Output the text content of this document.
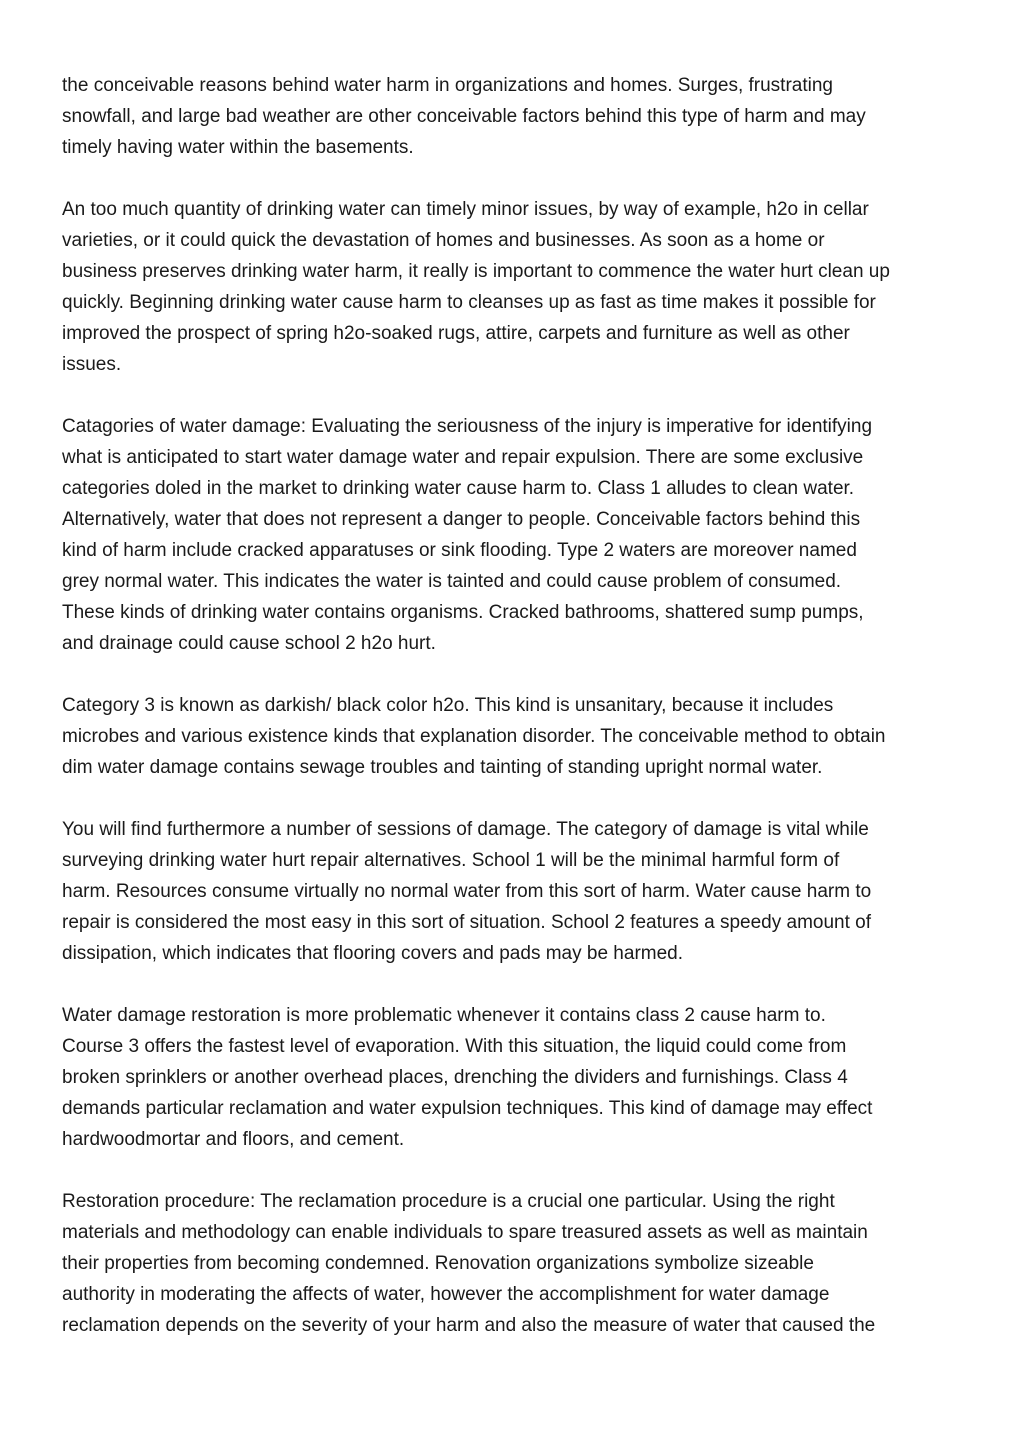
the conceivable reasons behind water harm in organizations and homes. Surges, frustrating
snowfall, and large bad weather are other conceivable factors behind this type of harm and may
timely having water within the basements.

An too much quantity of drinking water can timely minor issues, by way of example, h2o in cellar
varieties, or it could quick the devastation of homes and businesses. As soon as a home or
business preserves drinking water harm, it really is important to commence the water hurt clean up
quickly. Beginning drinking water cause harm to cleanses up as fast as time makes it possible for
improved the prospect of spring h2o-soaked rugs, attire, carpets and furniture as well as other
issues.

Catagories of water damage: Evaluating the seriousness of the injury is imperative for identifying
what is anticipated to start water damage water and repair expulsion. There are some exclusive
categories doled in the market to drinking water cause harm to. Class 1 alludes to clean water.
Alternatively, water that does not represent a danger to people. Conceivable factors behind this
kind of harm include cracked apparatuses or sink flooding. Type 2 waters are moreover named
grey normal water. This indicates the water is tainted and could cause problem of consumed.
These kinds of drinking water contains organisms. Cracked bathrooms, shattered sump pumps,
and drainage could cause school 2 h2o hurt.

Category 3 is known as darkish/ black color h2o. This kind is unsanitary, because it includes
microbes and various existence kinds that explanation disorder. The conceivable method to obtain
dim water damage contains sewage troubles and tainting of standing upright normal water.

You will find furthermore a number of sessions of damage. The category of damage is vital while
surveying drinking water hurt repair alternatives. School 1 will be the minimal harmful form of
harm. Resources consume virtually no normal water from this sort of harm. Water cause harm to
repair is considered the most easy in this sort of situation. School 2 features a speedy amount of
dissipation, which indicates that flooring covers and pads may be harmed.

Water damage restoration is more problematic whenever it contains class 2 cause harm to.
Course 3 offers the fastest level of evaporation. With this situation, the liquid could come from
broken sprinklers or another overhead places, drenching the dividers and furnishings. Class 4
demands particular reclamation and water expulsion techniques. This kind of damage may effect
hardwoodmortar and floors, and cement.

Restoration procedure: The reclamation procedure is a crucial one particular. Using the right
materials and methodology can enable individuals to spare treasured assets as well as maintain
their properties from becoming condemned. Renovation organizations symbolize sizeable
authority in moderating the affects of water, however the accomplishment for water damage
reclamation depends on the severity of your harm and also the measure of water that caused the
